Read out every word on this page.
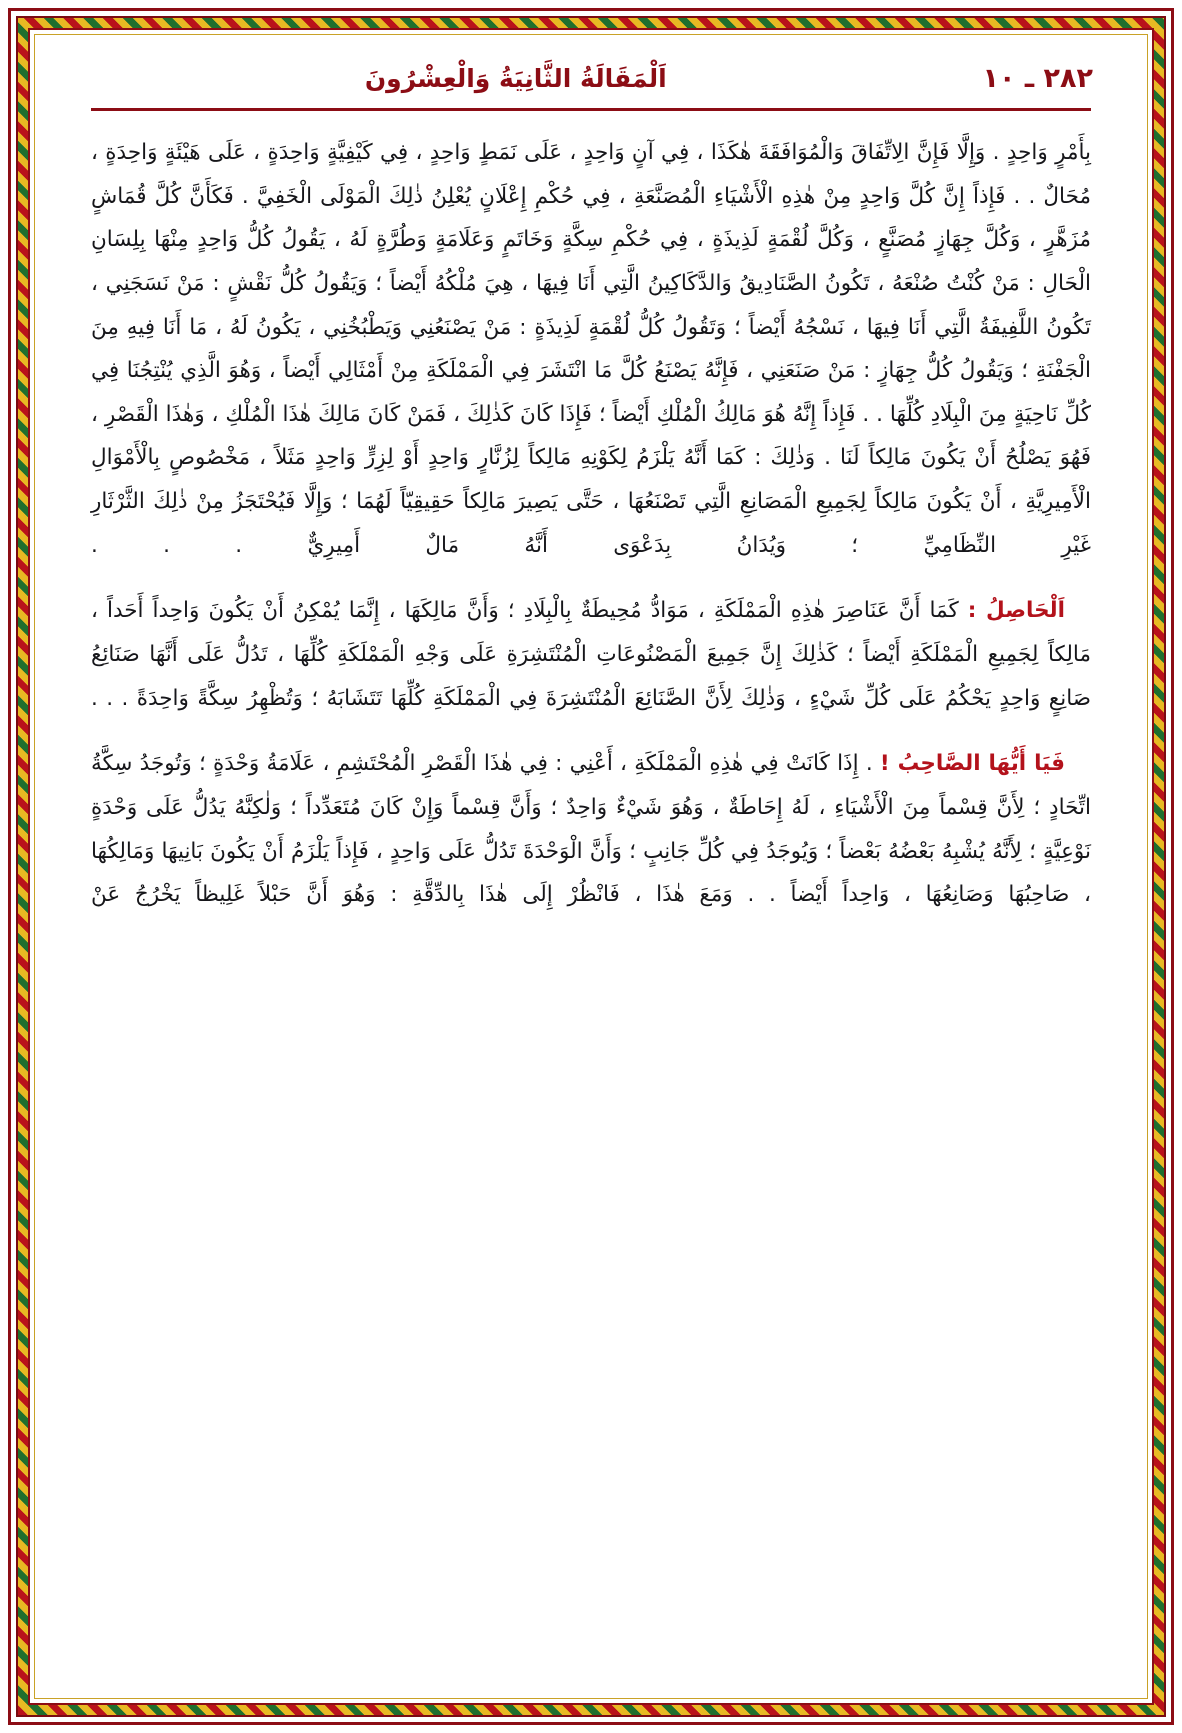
٢٨٢ ـ ١٠
اَلْمَقَالَةُ الثَّانِيَةُ وَالْعِشْرُونَ

بِأَمْرٍ وَاحِدٍ . وَإِلَّا فَإِنَّ الِاتِّفَاقَ وَالْمُوَافَقَةَ هٰكَذَا ، فِي آنٍ وَاحِدٍ ، عَلَى نَمَطٍ وَاحِدٍ ، فِي كَيْفِيَّةٍ وَاحِدَةٍ ، عَلَى هَيْئَةٍ وَاحِدَةٍ ، مُحَالٌ . . فَإِذاً إِنَّ كُلَّ وَاحِدٍ مِنْ هٰذِهِ الْأَشْيَاءِ الْمُصَنَّعَةِ ، فِي حُكْمِ إِعْلَانٍ يُعْلِنُ ذٰلِكَ الْمَوْلَى الْخَفِيَّ . فَكَأَنَّ كُلَّ قُمَاشٍ مُزَهَّرٍ ، وَكُلَّ جِهَازٍ مُصَنَّعٍ ، وَكُلَّ لُقْمَةٍ لَذِيذَةٍ ، فِي حُكْمِ سِكَّةٍ وَخَاتَمٍ وَعَلَامَةٍ وَطُرَّةٍ لَهُ ، يَقُولُ كُلُّ وَاحِدٍ مِنْهَا بِلِسَانِ الْحَالِ : مَنْ كُنْتُ صُنْعَهُ ، تَكُونُ الصَّنَادِيقُ وَالدَّكَاكِينُ الَّتِي أَنَا فِيهَا ، هِيَ مُلْكُهُ أَيْضاً ؛ وَيَقُولُ كُلُّ نَقْشٍ : مَنْ نَسَجَنِي ، تَكُونُ اللَّفِيفَةُ الَّتِي أَنَا فِيهَا ، نَسْجُهُ أَيْضاً ؛ وَتَقُولُ كُلُّ لُقْمَةٍ لَذِيذَةٍ : مَنْ يَصْنَعُنِي وَيَطْبُخُنِي ، يَكُونُ لَهُ ، مَا أَنَا فِيهِ مِنَ الْجَفْنَةِ ؛ وَيَقُولُ كُلُّ جِهَازٍ : مَنْ صَنَعَنِي ، فَإِنَّهُ يَصْنَعُ كُلَّ مَا انْتَشَرَ فِي الْمَمْلَكَةِ مِنْ أَمْثَالِي أَيْضاً ، وَهُوَ الَّذِي يُنْتِجُنَا فِي كُلِّ نَاحِيَةٍ مِنَ الْبِلَادِ كُلِّهَا . . فَإِذاً إِنَّهُ هُوَ مَالِكُ الْمُلْكِ أَيْضاً ؛ فَإِذَا كَانَ كَذٰلِكَ ، فَمَنْ كَانَ مَالِكَ هٰذَا الْمُلْكِ ، وَهٰذَا الْقَصْرِ ، فَهُوَ يَصْلُحُ أَنْ يَكُونَ مَالِكاً لَنَا . وَذٰلِكَ : كَمَا أَنَّهُ يَلْزَمُ لِكَوْنِهِ مَالِكاً لِزُنَّارٍ وَاحِدٍ أَوْ لِزِرٍّ وَاحِدٍ مَثَلاً ، مَخْصُوصٍ بِالْأَمْوَالِ الْأَمِيرِيَّةِ ، أَنْ يَكُونَ مَالِكاً لِجَمِيعِ الْمَصَانِعِ الَّتِي تَصْنَعُهَا ، حَتَّى يَصِيرَ مَالِكاً حَقِيقِيّاً لَهُمَا ؛ وَإِلَّا فَيُحْتَجَزُ مِنْ ذٰلِكَ الثَّرْثَارِ غَيْرِ النِّظَامِيِّ ؛ وَيُدَانُ بِدَعْوَى أَنَّهُ مَالٌ أَمِيرِيٌّ . . .

اَلْحَاصِلُ : كَمَا أَنَّ عَنَاصِرَ هٰذِهِ الْمَمْلَكَةِ ، مَوَادُّ مُحِيطَةٌ بِالْبِلَادِ ؛ وَأَنَّ مَالِكَهَا ، إِنَّمَا يُمْكِنُ أَنْ يَكُونَ وَاحِداً أَحَداً ، مَالِكاً لِجَمِيعِ الْمَمْلَكَةِ أَيْضاً ؛ كَذٰلِكَ إِنَّ جَمِيعَ الْمَصْنُوعَاتِ الْمُنْتَشِرَةِ عَلَى وَجْهِ الْمَمْلَكَةِ كُلِّهَا ، تَدُلُّ عَلَى أَنَّهَا صَنَائِعُ صَانِعٍ وَاحِدٍ يَحْكُمُ عَلَى كُلِّ شَيْءٍ ، وَذٰلِكَ لِأَنَّ الصَّنَائِعَ الْمُنْتَشِرَةَ فِي الْمَمْلَكَةِ كُلِّهَا تَتَشَابَهُ ؛ وَتُظْهِرُ سِكَّةً وَاحِدَةً . . .

فَيَا أَيُّهَا الصَّاحِبُ ! . إِذَا كَانَتْ فِي هٰذِهِ الْمَمْلَكَةِ ، أَعْنِي : فِي هٰذَا الْقَصْرِ الْمُحْتَشِمِ ، عَلَامَةُ وَحْدَةٍ ؛ وَتُوجَدُ سِكَّةُ اتِّحَادٍ ؛ لِأَنَّ قِسْماً مِنَ الْأَشْيَاءِ ، لَهُ إِحَاطَةٌ ، وَهُوَ شَيْءٌ وَاحِدٌ ؛ وَأَنَّ قِسْماً وَإِنْ كَانَ مُتَعَدِّداً ؛ وَلٰكِنَّهُ يَدُلُّ عَلَى وَحْدَةٍ نَوْعِيَّةٍ ؛ لِأَنَّهُ يُشْبِهُ بَعْضُهُ بَعْضاً ؛ وَيُوجَدُ فِي كُلِّ جَانِبٍ ؛ وَأَنَّ الْوَحْدَةَ تَدُلُّ عَلَى وَاحِدٍ ، فَإِذاً يَلْزَمُ أَنْ يَكُونَ بَانِيهَا وَمَالِكُهَا ، صَاحِبُهَا وَصَانِعُهَا ، وَاحِداً أَيْضاً . . وَمَعَ هٰذَا ، فَانْظُرْ إِلَى هٰذَا بِالدِّقَّةِ : وَهُوَ أَنَّ حَبْلاً غَلِيظاً يَخْرُجُ عَنْ
